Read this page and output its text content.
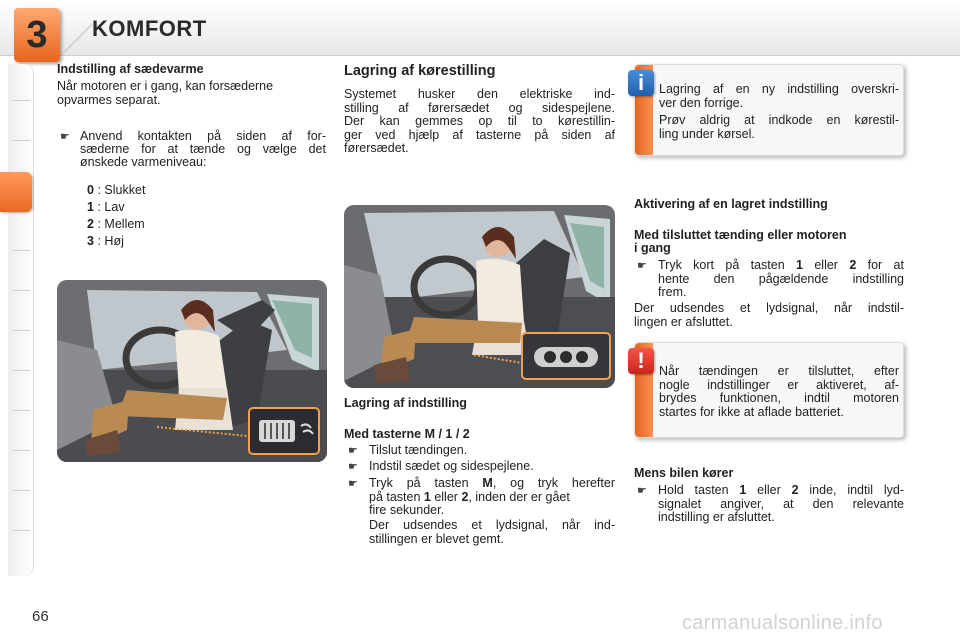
3	KOMFORT
Indstilling af sædevarme
Når motoren er i gang, kan forsæderne
opvarmes separat.
☛ Anvend kontakten på siden af for-
sæderne for at tænde og vælge det
ønskede varmeniveau:
0 : Slukket
1 : Lav
2 : Mellem
3 : Høj
Lagring af kørestilling
Systemet husker den elektriske ind-
stilling af førersædet og sidespejlene.
Der kan gemmes op til to kørestillin-
ger ved hjælp af tasterne på siden af
førersædet.
Lagring af indstilling
Med tasterne M / 1 / 2
☛ Tilslut tændingen.
☛ Indstil sædet og sidespejlene.
☛ Tryk på tasten M, og tryk herefter
på tasten 1 eller 2, inden der er gået
fire sekunder.
Der udsendes et lydsignal, når ind-
stillingen er blevet gemt.
Lagring af en ny indstilling overskri-
ver den forrige.
Prøv aldrig at indkode en kørestil-
ling under kørsel.
i
Aktivering af en lagret indstilling
Med tilsluttet tænding eller motoren
i gang
☛ Tryk kort på tasten 1 eller 2 for at
hente den pågældende indstilling
frem.
Der udsendes et lydsignal, når indstil-
lingen er afsluttet.
Når tændingen er tilsluttet, efter
nogle indstillinger er aktiveret, af-
brydes funktionen, indtil motoren
startes for ikke at aflade batteriet.
!
Mens bilen kører
☛ Hold tasten 1 eller 2 inde, indtil lyd-
signalet angiver, at den relevante
indstilling er afsluttet.
66	carmanualsonline.info
